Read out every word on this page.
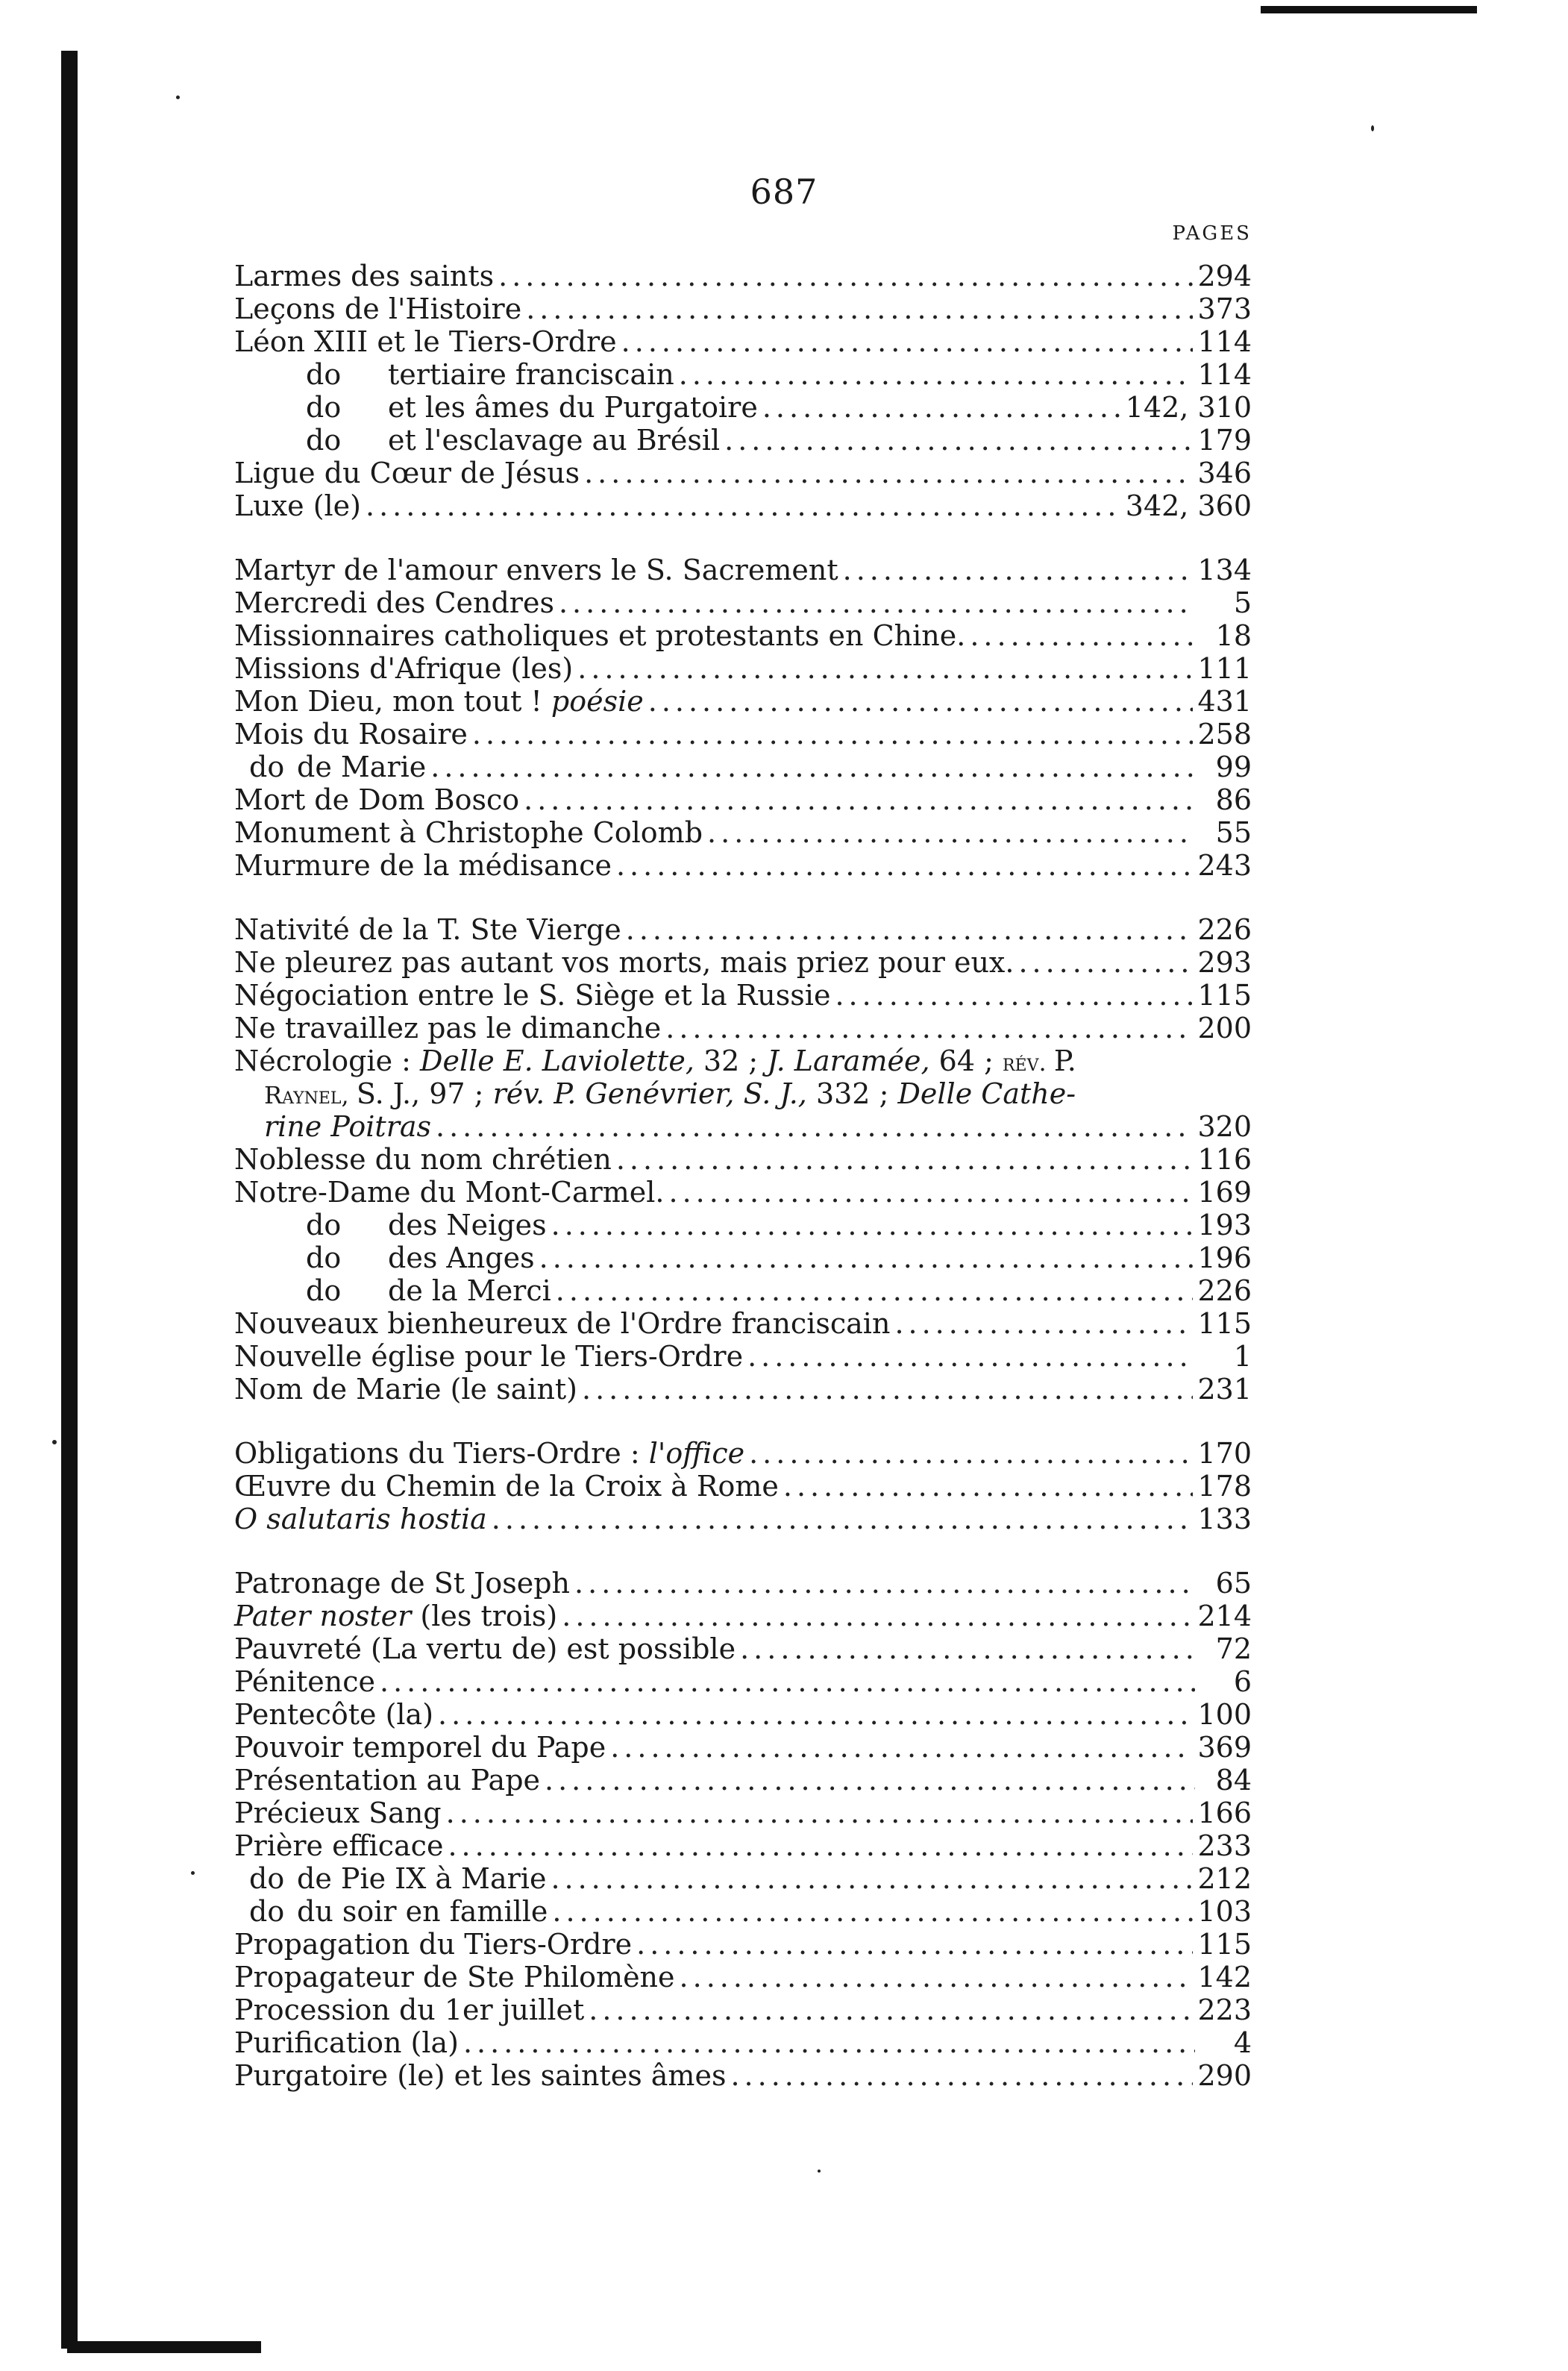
687
PAGES
Larmes des saints .....	294
Leçons de l'Histoire .....	373
Léon XIII et le Tiers-Ordre .....	114
do tertiaire franciscain .....	114
do et les âmes du Purgatoire .....	142, 310
do et l'esclavage au Brésil .....	179
Ligue du Cœur de Jésus .....	346
Luxe (le) .....	342, 360
Martyr de l'amour envers le S. Sacrement .....	134
Mercredi des Cendres .....	5
Missionnaires catholiques et protestants en Chine. .....	18
Missions d'Afrique (les) .....	111
Mon Dieu, mon tout ! poésie .....	431
Mois du Rosaire .....	258
do de Marie .....	99
Mort de Dom Bosco .....	86
Monument à Christophe Colomb .....	55
Murmure de la médisance .....	243
Nativité de la T. Ste Vierge .....	226
Ne pleurez pas autant vos morts, mais priez pour eux. .....	293
Négociation entre le S. Siège et la Russie .....	115
Ne travaillez pas le dimanche .....	200
Nécrologie : Delle E. Laviolette, 32 ; J. Laramée, 64 ; rév. P.
Raynel, S. J., 97 ; rév. P. Genévrier, S. J., 332 ; Delle Cathe-
rine Poitras .....	320
Noblesse du nom chrétien .....	116
Notre-Dame du Mont-Carmel. .....	169
do des Neiges .....	193
do des Anges .....	196
do de la Merci .....	226
Nouveaux bienheureux de l'Ordre franciscain .....	115
Nouvelle église pour le Tiers-Ordre .....	1
Nom de Marie (le saint) .....	231
Obligations du Tiers-Ordre : l'office .....	170
Œuvre du Chemin de la Croix à Rome .....	178
O salutaris hostia .....	133
Patronage de St Joseph .....	65
Pater noster (les trois) .....	214
Pauvreté (La vertu de) est possible .....	72
Pénitence .....	6
Pentecôte (la) .....	100
Pouvoir temporel du Pape .....	369
Présentation au Pape .....	84
Précieux Sang .....	166
Prière efficace .....	233
do de Pie IX à Marie .....	212
do du soir en famille .....	103
Propagation du Tiers-Ordre .....	115
Propagateur de Ste Philomène .....	142
Procession du 1er juillet .....	223
Purification (la) .....	4
Purgatoire (le) et les saintes âmes .....	290
